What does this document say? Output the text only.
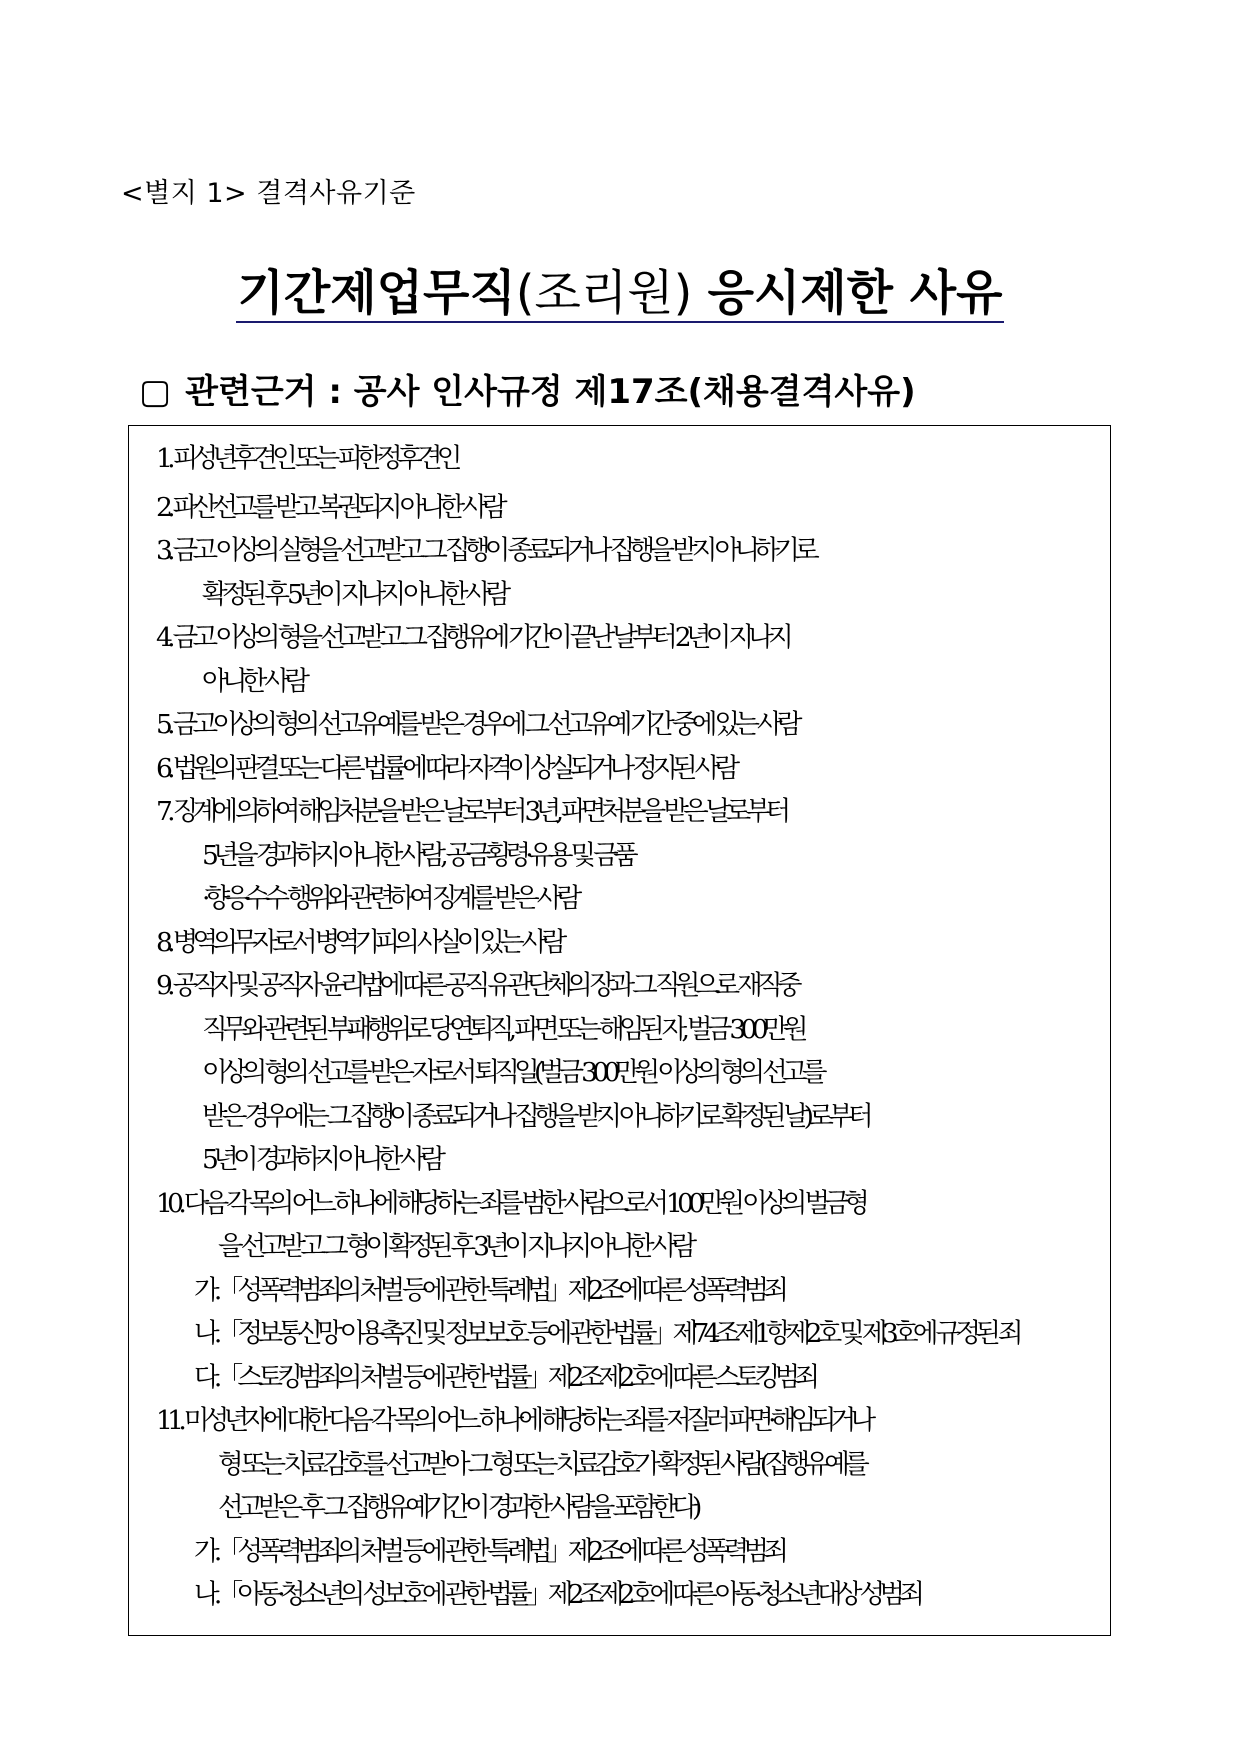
<별지 1> 결격사유기준
기간제업무직(조리원) 응시제한 사유
▢ 관련근거 : 공사 인사규정 제17조(채용결격사유)
1. 피성년후견인 또는 피한정후견인
2. 파산선고를 받고 복권되지 아니한 사람
3. 금고 이상의 실형을 선고받고 그 집행이 종료되거나 집행을 받지 아니하기로
확정된 후 5년이 지나지 아니한 사람
4. 금고 이상의 형을 선고받고 그 집행유에 기간이 끝난 날부터 2년이 지나지
아니한 사람
5. 금고이상의 형의 선고유예를 받은 경우에 그 선고유예 기간 중에 있는 사람
6. 법원의 판결 또는 다른 법률에 따라 자격이 상실되거나 정지된 사람
7. 징계에 의하여 해임처분을 받은 날로부터 3년, 파면처분을 받은 날로부터
5년을 경과하지 아니한 사람, 공금횡령·유용 및 금품
·향응수수 행위와 관련하여 징계를 받은 사람
8. 병역의무자로서 병역기피의 사실이 있는 사람
9. 공직자 및 공직자 윤리법에 따른 공직 유관단체의 장과 그 직원으로 재직중
직무와 관련된 부패행위로 당연퇴직, 파면 또는 해임된 자, 벌금 300만원
이상의 형의 선고를 받은 자로서 퇴직일(벌금 300만원 이상의 형의 선고를
받은 경우에는 그 집행이 종료되거나 집행을 받지 아니하기로 확정된 날)로부터
5년이 경과하지 아니한 사람
10. 다음 각 목의 어느 하나에 해당하는 죄를 범한 사람으로서 100만원 이상의 벌금형
을 선고받고 그 형이 확정된 후 3년이 지나지 아니한 사람
가.「성폭력범죄의 처벌 등에 관한 특례법」제2조에 따른 성폭력범죄
나.「정보통신망 이용촉진 및 정보보호 등에 관한 법률」제74조제1항제2호 및 제3호에 규정된 죄
다.「스토킹범죄의 처벌 등에 관한 법률」제2조제2호에 따른 스토킹범죄
11. 미성년자에 대한 다음 각 목의 어느 하나에 해당하는 죄를 저질러 파면·해임되거나
형 또는 치료감호를 선고받아 그 형 또는 치료감호가 확정된 사람(집행유예를
선고받은 후 그 집행유예기간이 경과한 사람을 포함한다)
가.「성폭력범죄의 처벌 등에 관한 특례법」제2조에 따른 성폭력범죄
나.「아동·청소년의 성보호에 관한 법률」제2조제2호에 따른 아동·청소년대상 성범죄
